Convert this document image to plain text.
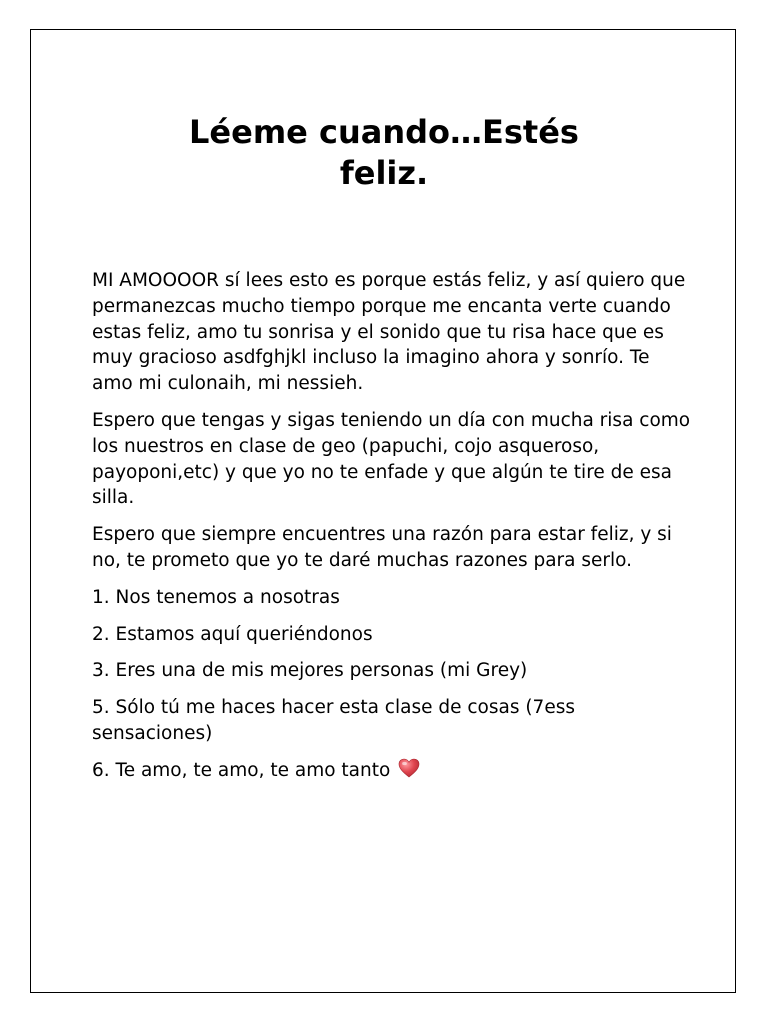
Léeme cuando…Estés
feliz.

MI AMOOOOR sí lees esto es porque estás feliz, y así quiero que permanezcas mucho tiempo porque me encanta verte cuando estas feliz, amo tu sonrisa y el sonido que tu risa hace que es muy gracioso asdfghjkl incluso la imagino ahora y sonrío. Te amo mi culonaih, mi nessieh.

Espero que tengas y sigas teniendo un día con mucha risa como los nuestros en clase de geo (papuchi, cojo asqueroso, payoponi,etc) y que yo no te enfade y que algún te tire de esa silla.

Espero que siempre encuentres una razón para estar feliz, y si no, te prometo que yo te daré muchas razones para serlo.

1. Nos tenemos a nosotras

2. Estamos aquí queriéndonos

3. Eres una de mis mejores personas (mi Grey)

5. Sólo tú me haces hacer esta clase de cosas (7ess sensaciones)

6. Te amo, te amo, te amo tanto
